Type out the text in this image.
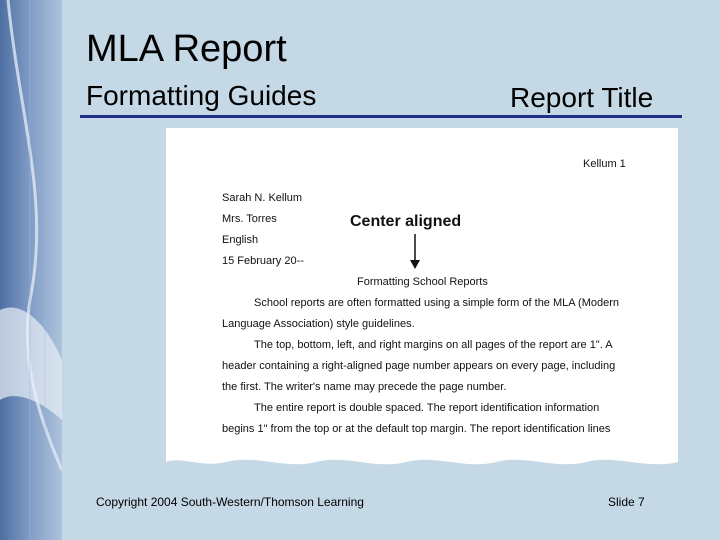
MLA Report
Formatting Guides	Report Title
Kellum 1
Sarah N. Kellum
Mrs. Torres
English
15 February 20--
Center aligned
Formatting School Reports
School reports are often formatted using a simple form of the MLA (Modern
Language Association) style guidelines.
The top, bottom, left, and right margins on all pages of the report are 1". A
header containing a right-aligned page number appears on every page, including
the first. The writer's name may precede the page number.
The entire report is double spaced. The report identification information
begins 1" from the top or at the default top margin. The report identification lines
Copyright 2004 South-Western/Thomson Learning	Slide 7
